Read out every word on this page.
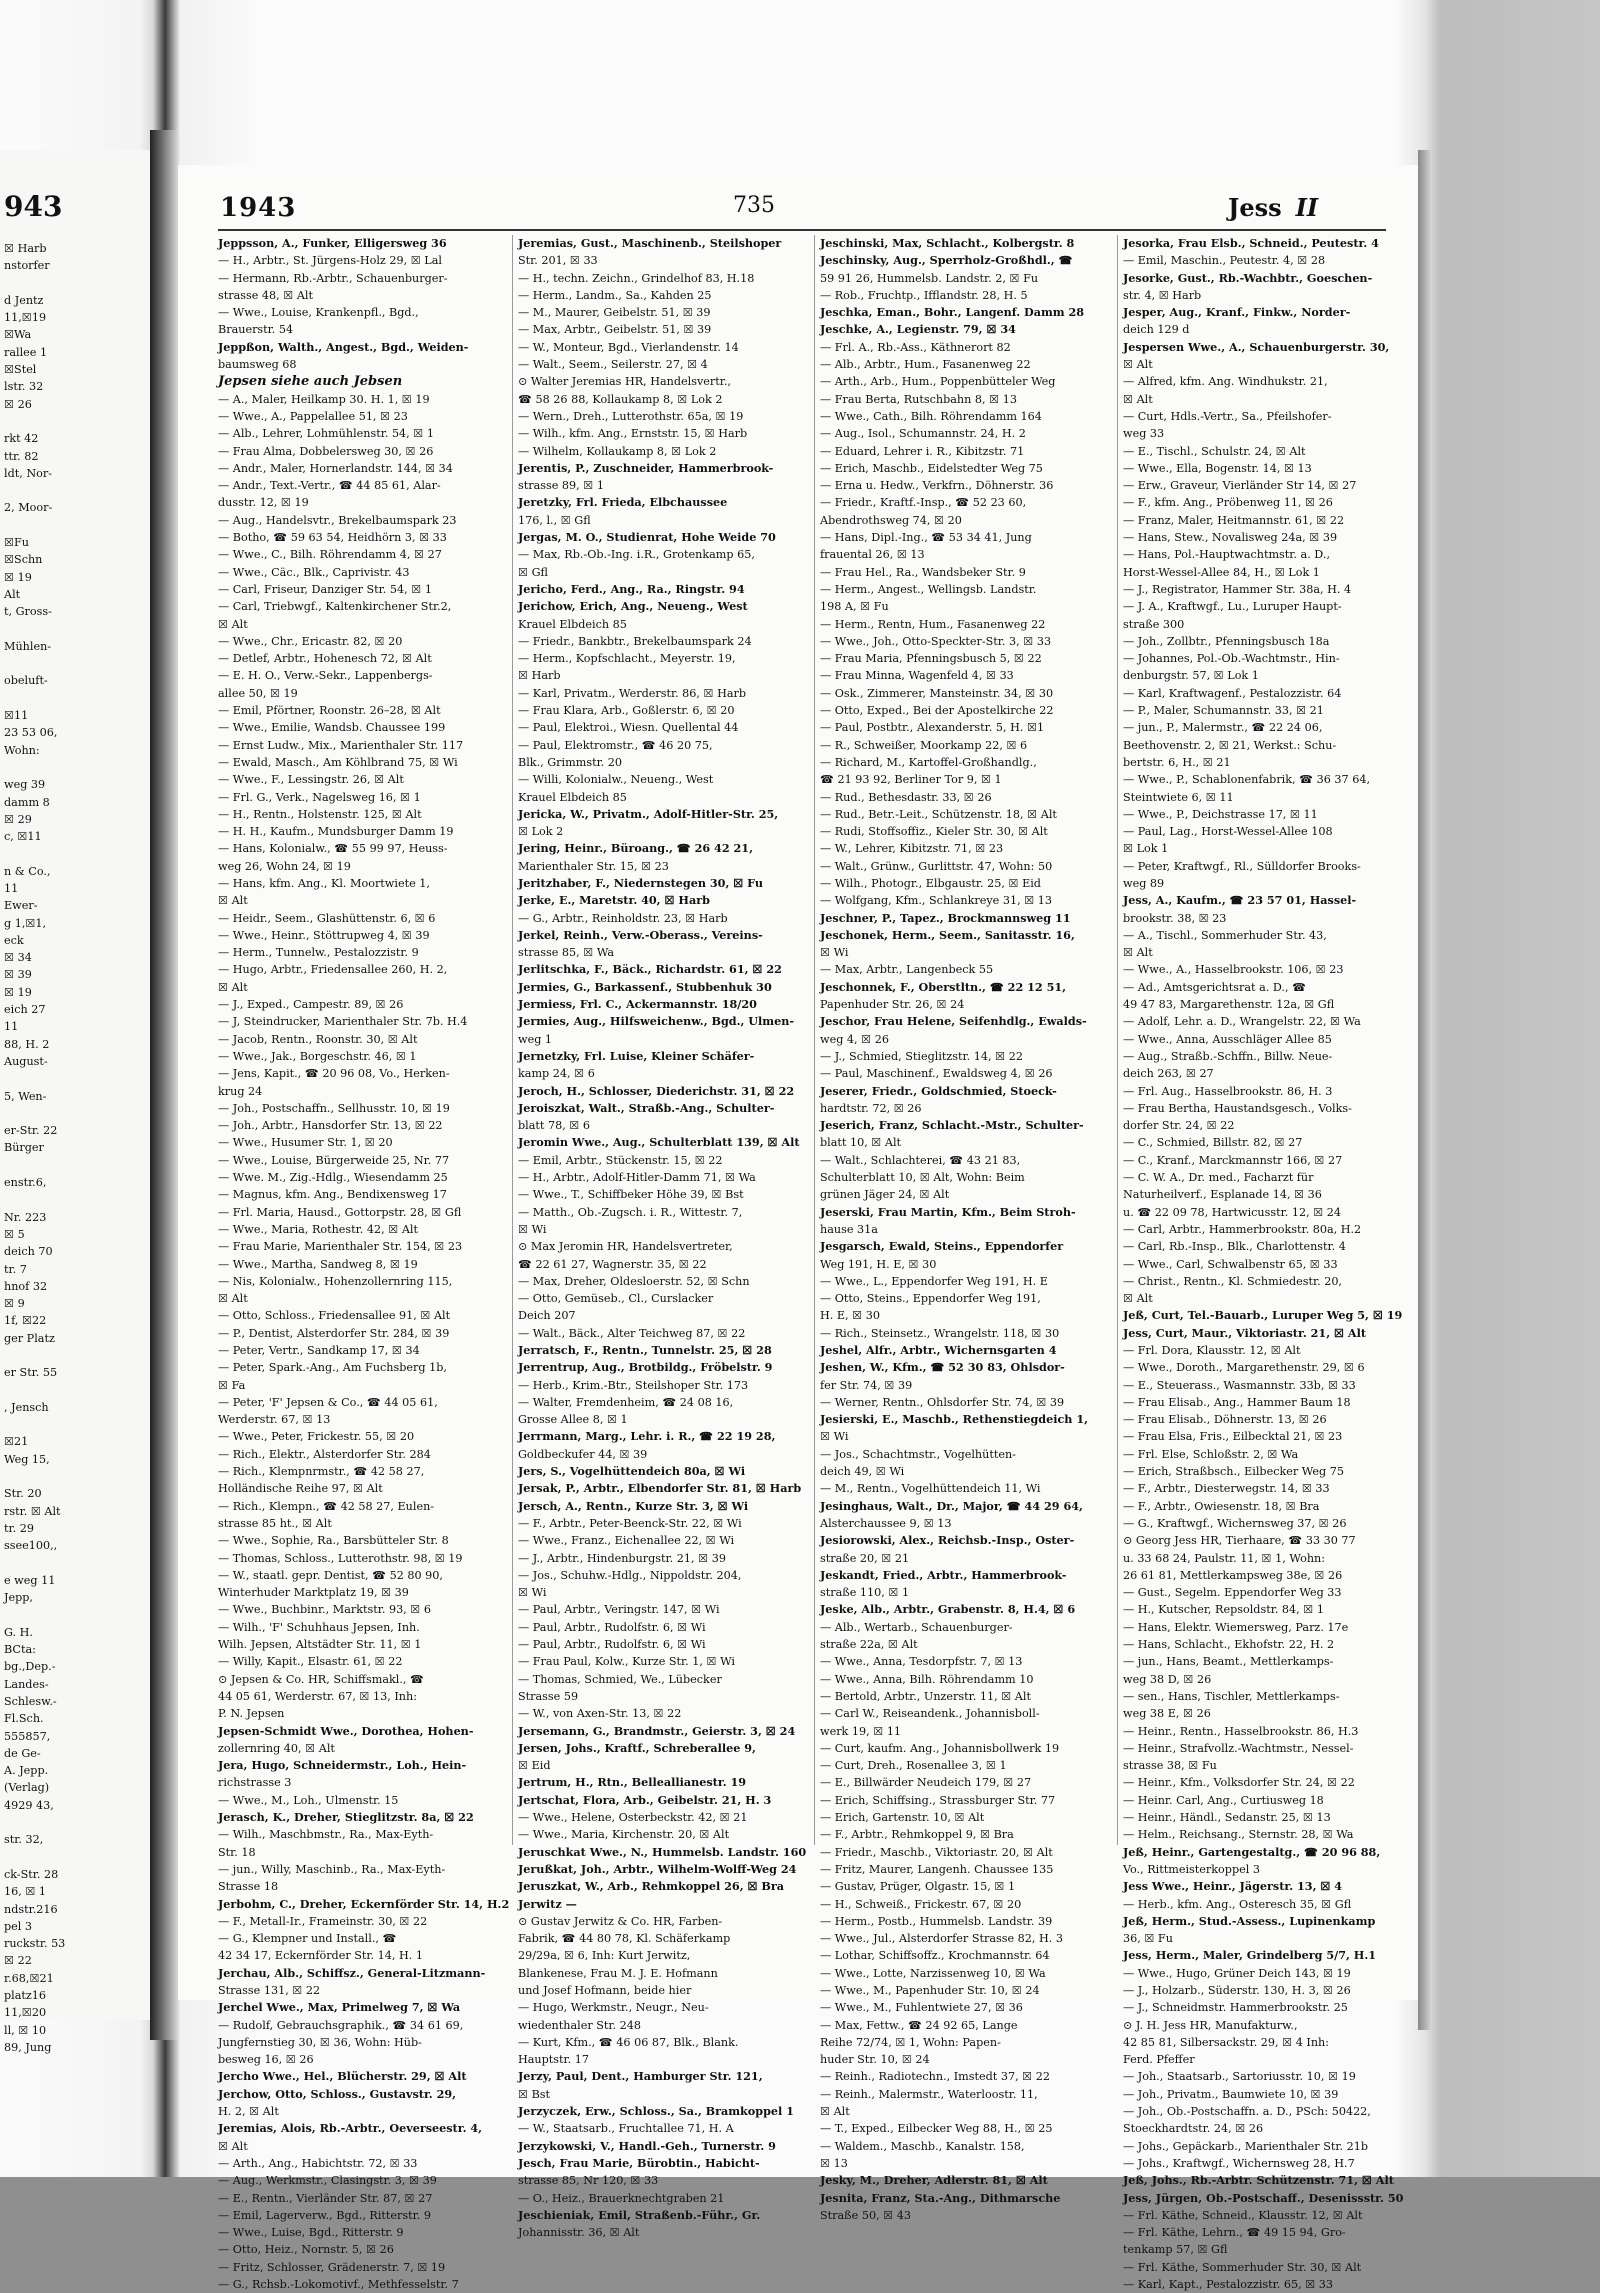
943
☒ Harb
nstorfer

d Jentz
11,☒19
☒Wa
rallee 1
☒Stel
lstr. 32
☒ 26

rkt 42
ttr. 82
ldt, Nor-

2, Moor-

☒Fu
☒Schn
☒ 19
Alt
t, Gross-

Mühlen-

obeluft-

☒11
23 53 06,
Wohn:

weg 39
damm 8
☒ 29
c, ☒11

n & Co.,
11
Ewer-
g 1,☒1,
eck
☒ 34
☒ 39
☒ 19
eich 27
11
88, H. 2
August-

5, Wen-

er-Str. 22
Bürger

enstr.6,

Nr. 223
☒ 5
deich 70
tr. 7
hnof 32
☒ 9
1f, ☒22
ger Platz

er Str. 55

, Jensch

☒21
Weg 15,

Str. 20
rstr. ☒ Alt
tr. 29
ssee100,,

e weg 11
Jepp,

G. H.
BCta:
bg.,Dep.-
Landes-
Schlesw.-
Fl.Sch.
555857,
de Ge-
A. Jepp.
(Verlag)
4929 43,

str. 32,

ck-Str. 28
16, ☒ 1
ndstr.216
pel 3
ruckstr. 53
☒ 22
r.68,☒21
platz16
11,☒20
ll, ☒ 10
89, Jung
1943	735	Jess II
Jeppsson, A., Funker, Elligersweg 36
— H., Arbtr., St. Jürgens-Holz 29, ☒ Lal
— Hermann, Rb.-Arbtr., Schauenburger-
strasse 48, ☒ Alt
— Wwe., Louise, Krankenpfl., Bgd.,
Brauerstr. 54
Jeppßon, Walth., Angest., Bgd., Weiden-
baumsweg 68
Jepsen siehe auch Jebsen
— A., Maler, Heilkamp 30. H. 1, ☒ 19
— Wwe., A., Pappelallee 51, ☒ 23
— Alb., Lehrer, Lohmühlenstr. 54, ☒ 1
— Frau Alma, Dobbelersweg 30, ☒ 26
— Andr., Maler, Hornerlandstr. 144, ☒ 34
— Andr., Text.-Vertr., ☎ 44 85 61, Alar-
dusstr. 12, ☒ 19
— Aug., Handelsvtr., Brekelbaumspark 23
— Botho, ☎ 59 63 54, Heidhörn 3, ☒ 33
— Wwe., C., Bilh. Röhrendamm 4, ☒ 27
— Wwe., Cäc., Blk., Caprivistr. 43
— Carl, Friseur, Danziger Str. 54, ☒ 1
— Carl, Triebwgf., Kaltenkirchener Str.2,
☒ Alt
— Wwe., Chr., Ericastr. 82, ☒ 20
— Detlef, Arbtr., Hohenesch 72, ☒ Alt
— E. H. O., Verw.-Sekr., Lappenbergs-
allee 50, ☒ 19
— Emil, Pförtner, Roonstr. 26–28, ☒ Alt
— Wwe., Emilie, Wandsb. Chaussee 199
— Ernst Ludw., Mix., Marienthaler Str. 117
— Ewald, Masch., Am Köhlbrand 75, ☒ Wi
— Wwe., F., Lessingstr. 26, ☒ Alt
— Frl. G., Verk., Nagelsweg 16, ☒ 1
— H., Rentn., Holstenstr. 125, ☒ Alt
— H. H., Kaufm., Mundsburger Damm 19
— Hans, Kolonialw., ☎ 55 99 97, Heuss-
weg 26, Wohn 24, ☒ 19
— Hans, kfm. Ang., Kl. Moortwiete 1,
☒ Alt
— Heidr., Seem., Glashüttenstr. 6, ☒ 6
— Wwe., Heinr., Stöttrupweg 4, ☒ 39
— Herm., Tunnelw., Pestalozzistr. 9
— Hugo, Arbtr., Friedensallee 260, H. 2,
☒ Alt
— J., Exped., Campestr. 89, ☒ 26
— J, Steindrucker, Marienthaler Str. 7b. H.4
— Jacob, Rentn., Roonstr. 30, ☒ Alt
— Wwe., Jak., Borgeschstr. 46, ☒ 1
— Jens, Kapit., ☎ 20 96 08, Vo., Herken-
krug 24
— Joh., Postschaffn., Sellhusstr. 10, ☒ 19
— Joh., Arbtr., Hansdorfer Str. 13, ☒ 22
— Wwe., Husumer Str. 1, ☒ 20
— Wwe., Louise, Bürgerweide 25, Nr. 77
— Wwe. M., Zig.-Hdlg., Wiesendamm 25
— Magnus, kfm. Ang., Bendixensweg 17
— Frl. Maria, Hausd., Gottorpstr. 28, ☒ Gfl
— Wwe., Maria, Rothestr. 42, ☒ Alt
— Frau Marie, Marienthaler Str. 154, ☒ 23
— Wwe., Martha, Sandweg 8, ☒ 19
— Nis, Kolonialw., Hohenzollernring 115,
☒ Alt
— Otto, Schloss., Friedensallee 91, ☒ Alt
— P., Dentist, Alsterdorfer Str. 284, ☒ 39
— Peter, Vertr., Sandkamp 17, ☒ 34
— Peter, Spark.-Ang., Am Fuchsberg 1b,
☒ Fa
— Peter, 'F' Jepsen & Co., ☎ 44 05 61,
Werderstr. 67, ☒ 13
— Wwe., Peter, Frickestr. 55, ☒ 20
— Rich., Elektr., Alsterdorfer Str. 284
— Rich., Klempnrmstr., ☎ 42 58 27,
Holländische Reihe 97, ☒ Alt
— Rich., Klempn., ☎ 42 58 27, Eulen-
strasse 85 ht., ☒ Alt
— Wwe., Sophie, Ra., Barsbütteler Str. 8
— Thomas, Schloss., Lutterothstr. 98, ☒ 19
— W., staatl. gepr. Dentist, ☎ 52 80 90,
Winterhuder Marktplatz 19, ☒ 39
— Wwe., Buchbinr., Marktstr. 93, ☒ 6
— Wilh., 'F' Schuhhaus Jepsen, Inh.
Wilh. Jepsen, Altstädter Str. 11, ☒ 1
— Willy, Kapit., Elsastr. 61, ☒ 22
⊙ Jepsen & Co. HR, Schiffsmakl., ☎
44 05 61, Werderstr. 67, ☒ 13, Inh:
P. N. Jepsen
Jepsen-Schmidt Wwe., Dorothea, Hohen-
zollernring 40, ☒ Alt
Jera, Hugo, Schneidermstr., Loh., Hein-
richstrasse 3
— Wwe., M., Loh., Ulmenstr. 15
Jerasch, K., Dreher, Stieglitzstr. 8a, ☒ 22
— Wilh., Maschbmstr., Ra., Max-Eyth-
Str. 18
— jun., Willy, Maschinb., Ra., Max-Eyth-
Strasse 18
Jerbohm, C., Dreher, Eckernförder Str. 14, H.2
— F., Metall-Ir., Frameinstr. 30, ☒ 22
— G., Klempner und Install., ☎
42 34 17, Eckernförder Str. 14, H. 1
Jerchau, Alb., Schiffsz., General-Litzmann-
Strasse 131, ☒ 22
Jerchel Wwe., Max, Primelweg 7, ☒ Wa
— Rudolf, Gebrauchsgraphik., ☎ 34 61 69,
Jungfernstieg 30, ☒ 36, Wohn: Hüb-
besweg 16, ☒ 26
Jercho Wwe., Hel., Blücherstr. 29, ☒ Alt
Jerchow, Otto, Schloss., Gustavstr. 29,
H. 2, ☒ Alt
Jeremias, Alois, Rb.-Arbtr., Oeverseestr. 4,
☒ Alt
— Arth., Ang., Habichtstr. 72, ☒ 33
— Aug., Werkmstr., Clasingstr. 3, ☒ 39
— E., Rentn., Vierländer Str. 87, ☒ 27
— Emil, Lagerverw., Bgd., Ritterstr. 9
— Wwe., Luise, Bgd., Ritterstr. 9
— Otto, Heiz., Nornstr. 5, ☒ 26
— Fritz, Schlosser, Grädenerstr. 7, ☒ 19
— G., Rchsb.-Lokomotivf., Methfesselstr. 7
Jeremias, Gust., Maschinenb., Steilshoper
Str. 201, ☒ 33
— H., techn. Zeichn., Grindelhof 83, H.18
— Herm., Landm., Sa., Kahden 25
— M., Maurer, Geibelstr. 51, ☒ 39
— Max, Arbtr., Geibelstr. 51, ☒ 39
— W., Monteur, Bgd., Vierlandenstr. 14
— Walt., Seem., Seilerstr. 27, ☒ 4
⊙ Walter Jeremias HR, Handelsvertr.,
☎ 58 26 88, Kollaukamp 8, ☒ Lok 2
— Wern., Dreh., Lutterothstr. 65a, ☒ 19
— Wilh., kfm. Ang., Ernststr. 15, ☒ Harb
— Wilhelm, Kollaukamp 8, ☒ Lok 2
Jerentis, P., Zuschneider, Hammerbrook-
strasse 89, ☒ 1
Jeretzky, Frl. Frieda, Elbchaussee
176, l., ☒ Gfl
Jergas, M. O., Studienrat, Hohe Weide 70
— Max, Rb.-Ob.-Ing. i.R., Grotenkamp 65,
☒ Gfl
Jericho, Ferd., Ang., Ra., Ringstr. 94
Jerichow, Erich, Ang., Neueng., West
Krauel Elbdeich 85
— Friedr., Bankbtr., Brekelbaumspark 24
— Herm., Kopfschlacht., Meyerstr. 19,
☒ Harb
— Karl, Privatm., Werderstr. 86, ☒ Harb
— Frau Klara, Arb., Goßlerstr. 6, ☒ 20
— Paul, Elektroi., Wiesn. Quellental 44
— Paul, Elektromstr., ☎ 46 20 75,
Blk., Grimmstr. 20
— Willi, Kolonialw., Neueng., West
Krauel Elbdeich 85
Jericka, W., Privatm., Adolf-Hitler-Str. 25,
☒ Lok 2
Jering, Heinr., Büroang., ☎ 26 42 21,
Marienthaler Str. 15, ☒ 23
Jeritzhaber, F., Niedernstegen 30, ☒ Fu
Jerke, E., Maretstr. 40, ☒ Harb
— G., Arbtr., Reinholdstr. 23, ☒ Harb
Jerkel, Reinh., Verw.-Oberass., Vereins-
strasse 85, ☒ Wa
Jerlitschka, F., Bäck., Richardstr. 61, ☒ 22
Jermies, G., Barkassenf., Stubbenhuk 30
Jermiess, Frl. C., Ackermannstr. 18/20
Jermies, Aug., Hilfsweichenw., Bgd., Ulmen-
weg 1
Jernetzky, Frl. Luise, Kleiner Schäfer-
kamp 24, ☒ 6
Jeroch, H., Schlosser, Diederichstr. 31, ☒ 22
Jeroiszkat, Walt., Straßb.-Ang., Schulter-
blatt 78, ☒ 6
Jeromin Wwe., Aug., Schulterblatt 139, ☒ Alt
— Emil, Arbtr., Stückenstr. 15, ☒ 22
— H., Arbtr., Adolf-Hitler-Damm 71, ☒ Wa
— Wwe., T., Schiffbeker Höhe 39, ☒ Bst
— Matth., Ob.-Zugsch. i. R., Wittestr. 7,
☒ Wi
⊙ Max Jeromin HR, Handelsvertreter,
☎ 22 61 27, Wagnerstr. 35, ☒ 22
— Max, Dreher, Oldesloerstr. 52, ☒ Schn
— Otto, Gemüseb., Cl., Curslacker
Deich 207
— Walt., Bäck., Alter Teichweg 87, ☒ 22
Jerratsch, F., Rentn., Tunnelstr. 25, ☒ 28
Jerrentrup, Aug., Brotbildg., Fröbelstr. 9
— Herb., Krim.-Btr., Steilshoper Str. 173
— Walter, Fremdenheim, ☎ 24 08 16,
Grosse Allee 8, ☒ 1
Jerrmann, Marg., Lehr. i. R., ☎ 22 19 28,
Goldbeckufer 44, ☒ 39
Jers, S., Vogelhüttendeich 80a, ☒ Wi
Jersak, P., Arbtr., Elbendorfer Str. 81, ☒ Harb
Jersch, A., Rentn., Kurze Str. 3, ☒ Wi
— F., Arbtr., Peter-Beenck-Str. 22, ☒ Wi
— Wwe., Franz., Eichenallee 22, ☒ Wi
— J., Arbtr., Hindenburgstr. 21, ☒ 39
— Jos., Schuhw.-Hdlg., Nippoldstr. 204,
☒ Wi
— Paul, Arbtr., Veringstr. 147, ☒ Wi
— Paul, Arbtr., Rudolfstr. 6, ☒ Wi
— Paul, Arbtr., Rudolfstr. 6, ☒ Wi
— Frau Paul, Kolw., Kurze Str. 1, ☒ Wi
— Thomas, Schmied, We., Lübecker
Strasse 59
— W., von Axen-Str. 13, ☒ 22
Jersemann, G., Brandmstr., Geierstr. 3, ☒ 24
Jersen, Johs., Kraftf., Schreberallee 9,
☒ Eid
Jertrum, H., Rtn., Belleallianestr. 19
Jertschat, Flora, Arb., Geibelstr. 21, H. 3
— Wwe., Helene, Osterbeckstr. 42, ☒ 21
— Wwe., Maria, Kirchenstr. 20, ☒ Alt
Jeruschkat Wwe., N., Hummelsb. Landstr. 160
Jerußkat, Joh., Arbtr., Wilhelm-Wolff-Weg 24
Jeruszkat, W., Arb., Rehmkoppel 26, ☒ Bra
Jerwitz —
⊙ Gustav Jerwitz & Co. HR, Farben-
Fabrik, ☎ 44 80 78, Kl. Schäferkamp
29/29a, ☒ 6, Inh: Kurt Jerwitz,
Blankenese, Frau M. J. E. Hofmann
und Josef Hofmann, beide hier
— Hugo, Werkmstr., Neugr., Neu-
wiedenthaler Str. 248
— Kurt, Kfm., ☎ 46 06 87, Blk., Blank.
Hauptstr. 17
Jerzy, Paul, Dent., Hamburger Str. 121,
☒ Bst
Jerzyczek, Erw., Schloss., Sa., Bramkoppel 1
— W., Staatsarb., Fruchtallee 71, H. A
Jerzykowski, V., Handl.-Geh., Turnerstr. 9
Jesch, Frau Marie, Bürobtin., Habicht-
strasse 85, Nr 120, ☒ 33
— O., Heiz., Brauerknechtgraben 21
Jeschieniak, Emil, Straßenb.-Führ., Gr.
Johannisstr. 36, ☒ Alt
Jeschinski, Max, Schlacht., Kolbergstr. 8
Jeschinsky, Aug., Sperrholz-Großhdl., ☎
59 91 26, Hummelsb. Landstr. 2, ☒ Fu
— Rob., Fruchtp., Ifflandstr. 28, H. 5
Jeschka, Eman., Bohr., Langenf. Damm 28
Jeschke, A., Legienstr. 79, ☒ 34
— Frl. A., Rb.-Ass., Käthnerort 82
— Alb., Arbtr., Hum., Fasanenweg 22
— Arth., Arb., Hum., Poppenbütteler Weg
— Frau Berta, Rutschbahn 8, ☒ 13
— Wwe., Cath., Bilh. Röhrendamm 164
— Aug., Isol., Schumannstr. 24, H. 2
— Eduard, Lehrer i. R., Kibitzstr. 71
— Erich, Maschb., Eidelstedter Weg 75
— Erna u. Hedw., Verkfrn., Döhnerstr. 36
— Friedr., Kraftf.-Insp., ☎ 52 23 60,
Abendrothsweg 74, ☒ 20
— Hans, Dipl.-Ing., ☎ 53 34 41, Jung
frauental 26, ☒ 13
— Frau Hel., Ra., Wandsbeker Str. 9
— Herm., Angest., Wellingsb. Landstr.
198 A, ☒ Fu
— Herm., Rentn, Hum., Fasanenweg 22
— Wwe., Joh., Otto-Speckter-Str. 3, ☒ 33
— Frau Maria, Pfenningsbusch 5, ☒ 22
— Frau Minna, Wagenfeld 4, ☒ 33
— Osk., Zimmerer, Mansteinstr. 34, ☒ 30
— Otto, Exped., Bei der Apostelkirche 22
— Paul, Postbtr., Alexanderstr. 5, H. ☒1
— R., Schweißer, Moorkamp 22, ☒ 6
— Richard, M., Kartoffel-Großhandlg.,
☎ 21 93 92, Berliner Tor 9, ☒ 1
— Rud., Bethesdastr. 33, ☒ 26
— Rud., Betr.-Leit., Schützenstr. 18, ☒ Alt
— Rudi, Stoffsoffiz., Kieler Str. 30, ☒ Alt
— W., Lehrer, Kibitzstr. 71, ☒ 23
— Walt., Grünw., Gurlittstr. 47, Wohn: 50
— Wilh., Photogr., Elbgaustr. 25, ☒ Eid
— Wolfgang, Kfm., Schlankreye 31, ☒ 13
Jeschner, P., Tapez., Brockmannsweg 11
Jeschonek, Herm., Seem., Sanitasstr. 16,
☒ Wi
— Max, Arbtr., Langenbeck 55
Jeschonnek, F., Oberstltn., ☎ 22 12 51,
Papenhuder Str. 26, ☒ 24
Jeschor, Frau Helene, Seifenhdlg., Ewalds-
weg 4, ☒ 26
— J., Schmied, Stieglitzstr. 14, ☒ 22
— Paul, Maschinenf., Ewaldsweg 4, ☒ 26
Jeserer, Friedr., Goldschmied, Stoeck-
hardtstr. 72, ☒ 26
Jeserich, Franz, Schlacht.-Mstr., Schulter-
blatt 10, ☒ Alt
— Walt., Schlachterei, ☎ 43 21 83,
Schulterblatt 10, ☒ Alt, Wohn: Beim
grünen Jäger 24, ☒ Alt
Jeserski, Frau Martin, Kfm., Beim Stroh-
hause 31a
Jesgarsch, Ewald, Steins., Eppendorfer
Weg 191, H. E, ☒ 30
— Wwe., L., Eppendorfer Weg 191, H. E
— Otto, Steins., Eppendorfer Weg 191,
H. E, ☒ 30
— Rich., Steinsetz., Wrangelstr. 118, ☒ 30
Jeshel, Alfr., Arbtr., Wichernsgarten 4
Jeshen, W., Kfm., ☎ 52 30 83, Ohlsdor-
fer Str. 74, ☒ 39
— Werner, Rentn., Ohlsdorfer Str. 74, ☒ 39
Jesierski, E., Maschb., Rethenstiegdeich 1,
☒ Wi
— Jos., Schachtmstr., Vogelhütten-
deich 49, ☒ Wi
— M., Rentn., Vogelhüttendeich 11, Wi
Jesinghaus, Walt., Dr., Major, ☎ 44 29 64,
Alsterchaussee 9, ☒ 13
Jesiorowski, Alex., Reichsb.-Insp., Oster-
straße 20, ☒ 21
Jeskandt, Fried., Arbtr., Hammerbrook-
straße 110, ☒ 1
Jeske, Alb., Arbtr., Grabenstr. 8, H.4, ☒ 6
— Alb., Wertarb., Schauenburger-
straße 22a, ☒ Alt
— Wwe., Anna, Tesdorpfstr. 7, ☒ 13
— Wwe., Anna, Bilh. Röhrendamm 10
— Bertold, Arbtr., Unzerstr. 11, ☒ Alt
— Carl W., Reiseandenk., Johannisboll-
werk 19, ☒ 11
— Curt, kaufm. Ang., Johannisbollwerk 19
— Curt, Dreh., Rosenallee 3, ☒ 1
— E., Billwärder Neudeich 179, ☒ 27
— Erich, Schiffsing., Strassburger Str. 77
— Erich, Gartenstr. 10, ☒ Alt
— F., Arbtr., Rehmkoppel 9, ☒ Bra
— Friedr., Maschb., Viktoriastr. 20, ☒ Alt
— Fritz, Maurer, Langenh. Chaussee 135
— Gustav, Prüger, Olgastr. 15, ☒ 1
— H., Schweiß., Frickestr. 67, ☒ 20
— Herm., Postb., Hummelsb. Landstr. 39
— Wwe., Jul., Alsterdorfer Strasse 82, H. 3
— Lothar, Schiffsoffz., Krochmannstr. 64
— Wwe., Lotte, Narzissenweg 10, ☒ Wa
— Wwe., M., Papenhuder Str. 10, ☒ 24
— Wwe., M., Fuhlentwiete 27, ☒ 36
— Max, Fettw., ☎ 24 92 65, Lange
Reihe 72/74, ☒ 1, Wohn: Papen-
huder Str. 10, ☒ 24
— Reinh., Radiotechn., Imstedt 37, ☒ 22
— Reinh., Malermstr., Waterloostr. 11,
☒ Alt
— T., Exped., Eilbecker Weg 88, H., ☒ 25
— Waldem., Maschb., Kanalstr. 158,
☒ 13
Jesky, M., Dreher, Adlerstr. 81, ☒ Alt
Jesnita, Franz, Sta.-Ang., Dithmarsche
Straße 50, ☒ 43
Jesorka, Frau Elsb., Schneid., Peutestr. 4
— Emil, Maschin., Peutestr. 4, ☒ 28
Jesorke, Gust., Rb.-Wachbtr., Goeschen-
str. 4, ☒ Harb
Jesper, Aug., Kranf., Finkw., Norder-
deich 129 d
Jespersen Wwe., A., Schauenburgerstr. 30,
☒ Alt
— Alfred, kfm. Ang. Windhukstr. 21,
☒ Alt
— Curt, Hdls.-Vertr., Sa., Pfeilshofer-
weg 33
— E., Tischl., Schulstr. 24, ☒ Alt
— Wwe., Ella, Bogenstr. 14, ☒ 13
— Erw., Graveur, Vierländer Str 14, ☒ 27
— F., kfm. Ang., Pröbenweg 11, ☒ 26
— Franz, Maler, Heitmannstr. 61, ☒ 22
— Hans, Stew., Novalisweg 24a, ☒ 39
— Hans, Pol.-Hauptwachtmstr. a. D.,
Horst-Wessel-Allee 84, H., ☒ Lok 1
— J., Registrator, Hammer Str. 38a, H. 4
— J. A., Kraftwgf., Lu., Luruper Haupt-
straße 300
— Joh., Zollbtr., Pfenningsbusch 18a
— Johannes, Pol.-Ob.-Wachtmstr., Hin-
denburgstr. 57, ☒ Lok 1
— Karl, Kraftwagenf., Pestalozzistr. 64
— P., Maler, Schumannstr. 33, ☒ 21
— jun., P., Malermstr., ☎ 22 24 06,
Beethovenstr. 2, ☒ 21, Werkst.: Schu-
bertstr. 6, H., ☒ 21
— Wwe., P., Schablonenfabrik, ☎ 36 37 64,
Steintwiete 6, ☒ 11
— Wwe., P., Deichstrasse 17, ☒ 11
— Paul, Lag., Horst-Wessel-Allee 108
☒ Lok 1
— Peter, Kraftwgf., Rl., Sülldorfer Brooks-
weg 89
Jess, A., Kaufm., ☎ 23 57 01, Hassel-
brookstr. 38, ☒ 23
— A., Tischl., Sommerhuder Str. 43,
☒ Alt
— Wwe., A., Hasselbrookstr. 106, ☒ 23
— Ad., Amtsgerichtsrat a. D., ☎
49 47 83, Margarethenstr. 12a, ☒ Gfl
— Adolf, Lehr. a. D., Wrangelstr. 22, ☒ Wa
— Wwe., Anna, Ausschläger Allee 85
— Aug., Straßb.-Schffn., Billw. Neue-
deich 263, ☒ 27
— Frl. Aug., Hasselbrookstr. 86, H. 3
— Frau Bertha, Haustandsgesch., Volks-
dorfer Str. 24, ☒ 22
— C., Schmied, Billstr. 82, ☒ 27
— C., Kranf., Marckmannstr 166, ☒ 27
— C. W. A., Dr. med., Facharzt für
Naturheilverf., Esplanade 14, ☒ 36
u. ☎ 22 09 78, Hartwicusstr. 12, ☒ 24
— Carl, Arbtr., Hammerbrookstr. 80a, H.2
— Carl, Rb.-Insp., Blk., Charlottenstr. 4
— Wwe., Carl, Schwalbenstr 65, ☒ 33
— Christ., Rentn., Kl. Schmiedestr. 20,
☒ Alt
Jeß, Curt, Tel.-Bauarb., Luruper Weg 5, ☒ 19
Jess, Curt, Maur., Viktoriastr. 21, ☒ Alt
— Frl. Dora, Klausstr. 12, ☒ Alt
— Wwe., Doroth., Margarethenstr. 29, ☒ 6
— E., Steuerass., Wasmannstr. 33b, ☒ 33
— Frau Elisab., Ang., Hammer Baum 18
— Frau Elisab., Döhnerstr. 13, ☒ 26
— Frau Elsa, Fris., Eilbecktal 21, ☒ 23
— Frl. Else, Schloßstr. 2, ☒ Wa
— Erich, Straßbsch., Eilbecker Weg 75
— F., Arbtr., Diesterwegstr. 14, ☒ 33
— F., Arbtr., Owiesenstr. 18, ☒ Bra
— G., Kraftwgf., Wichernsweg 37, ☒ 26
⊙ Georg Jess HR, Tierhaare, ☎ 33 30 77
u. 33 68 24, Paulstr. 11, ☒ 1, Wohn:
26 61 81, Mettlerkampsweg 38e, ☒ 26
— Gust., Segelm. Eppendorfer Weg 33
— H., Kutscher, Repsoldstr. 84, ☒ 1
— Hans, Elektr. Wiemersweg, Parz. 17e
— Hans, Schlacht., Ekhofstr. 22, H. 2
— jun., Hans, Beamt., Mettlerkamps-
weg 38 D, ☒ 26
— sen., Hans, Tischler, Mettlerkamps-
weg 38 E, ☒ 26
— Heinr., Rentn., Hasselbrookstr. 86, H.3
— Heinr., Strafvollz.-Wachtmstr., Nessel-
strasse 38, ☒ Fu
— Heinr., Kfm., Volksdorfer Str. 24, ☒ 22
— Heinr. Carl, Ang., Curtiusweg 18
— Heinr., Händl., Sedanstr. 25, ☒ 13
— Helm., Reichsang., Sternstr. 28, ☒ Wa
Jeß, Heinr., Gartengestaltg., ☎ 20 96 88,
Vo., Rittmeisterkoppel 3
Jess Wwe., Heinr., Jägerstr. 13, ☒ 4
— Herb., kfm. Ang., Osteresch 35, ☒ Gfl
Jeß, Herm., Stud.-Assess., Lupinenkamp
36, ☒ Fu
Jess, Herm., Maler, Grindelberg 5/7, H.1
— Wwe., Hugo, Grüner Deich 143, ☒ 19
— J., Holzarb., Süderstr. 130, H. 3, ☒ 26
— J., Schneidmstr. Hammerbrookstr. 25
⊙ J. H. Jess HR, Manufakturw.,
42 85 81, Silbersackstr. 29, ☒ 4 Inh:
Ferd. Pfeffer
— Joh., Staatsarb., Sartoriusstr. 10, ☒ 19
— Joh., Privatm., Baumwiete 10, ☒ 39
— Joh., Ob.-Postschaffn. a. D., PSch: 50422,
Stoeckhardtstr. 24, ☒ 26
— Johs., Gepäckarb., Marienthaler Str. 21b
— Johs., Kraftwgf., Wichernsweg 28, H.7
Jeß, Johs., Rb.-Arbtr. Schützenstr. 71, ☒ Alt
Jess, Jürgen, Ob.-Postschaff., Desenissstr. 50
— Frl. Käthe, Schneid., Klausstr. 12, ☒ Alt
— Frl. Käthe, Lehrn., ☎ 49 15 94, Gro-
tenkamp 57, ☒ Gfl
— Frl. Käthe, Sommerhuder Str. 30, ☒ Alt
— Karl, Kapt., Pestalozzistr. 65, ☒ 33
